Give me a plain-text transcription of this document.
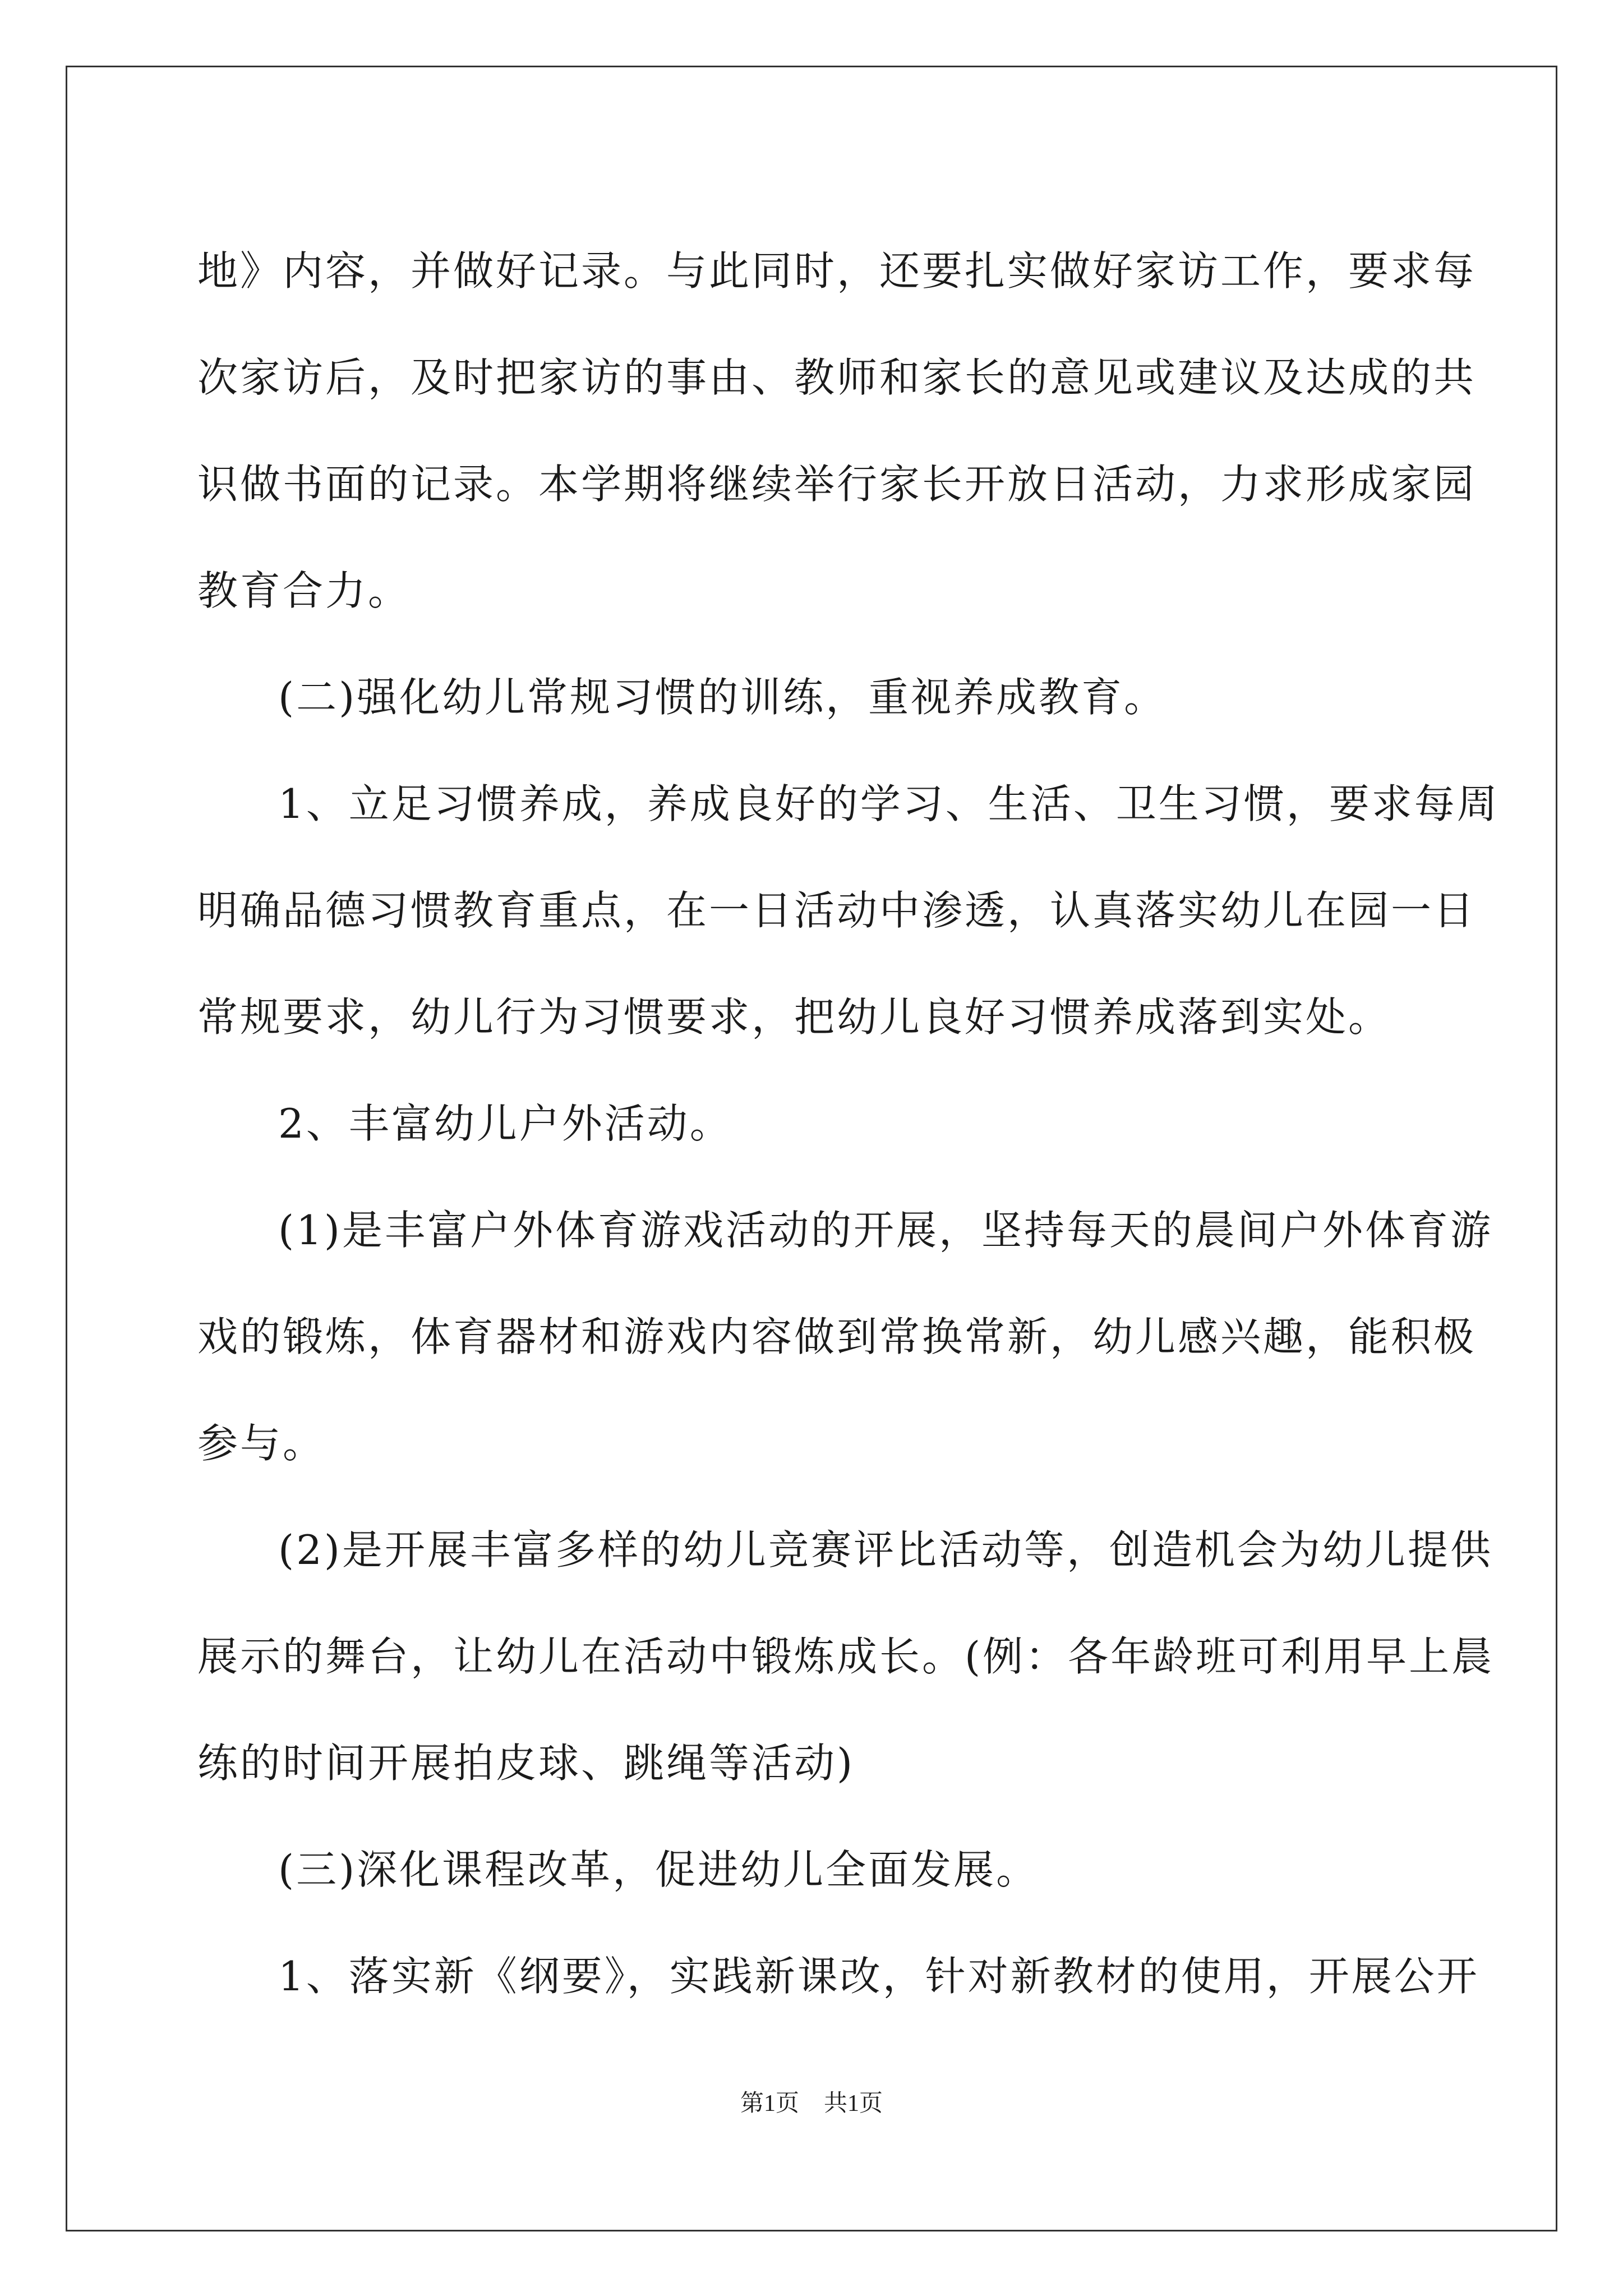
地》内容，并做好记录。与此同时，还要扎实做好家访工作，要求每
次家访后，及时把家访的事由、教师和家长的意见或建议及达成的共
识做书面的记录。本学期将继续举行家长开放日活动，力求形成家园
教育合力。
(二)强化幼儿常规习惯的训练，重视养成教育。
1、立足习惯养成，养成良好的学习、生活、卫生习惯，要求每周
明确品德习惯教育重点，在一日活动中渗透，认真落实幼儿在园一日
常规要求，幼儿行为习惯要求，把幼儿良好习惯养成落到实处。
2、丰富幼儿户外活动。
(1)是丰富户外体育游戏活动的开展，坚持每天的晨间户外体育游
戏的锻炼，体育器材和游戏内容做到常换常新，幼儿感兴趣，能积极
参与。
(2)是开展丰富多样的幼儿竞赛评比活动等，创造机会为幼儿提供
展示的舞台，让幼儿在活动中锻炼成长。(例：各年龄班可利用早上晨
练的时间开展拍皮球、跳绳等活动)
(三)深化课程改革，促进幼儿全面发展。
1、落实新《纲要》，实践新课改，针对新教材的使用，开展公开
第1页 共1页
